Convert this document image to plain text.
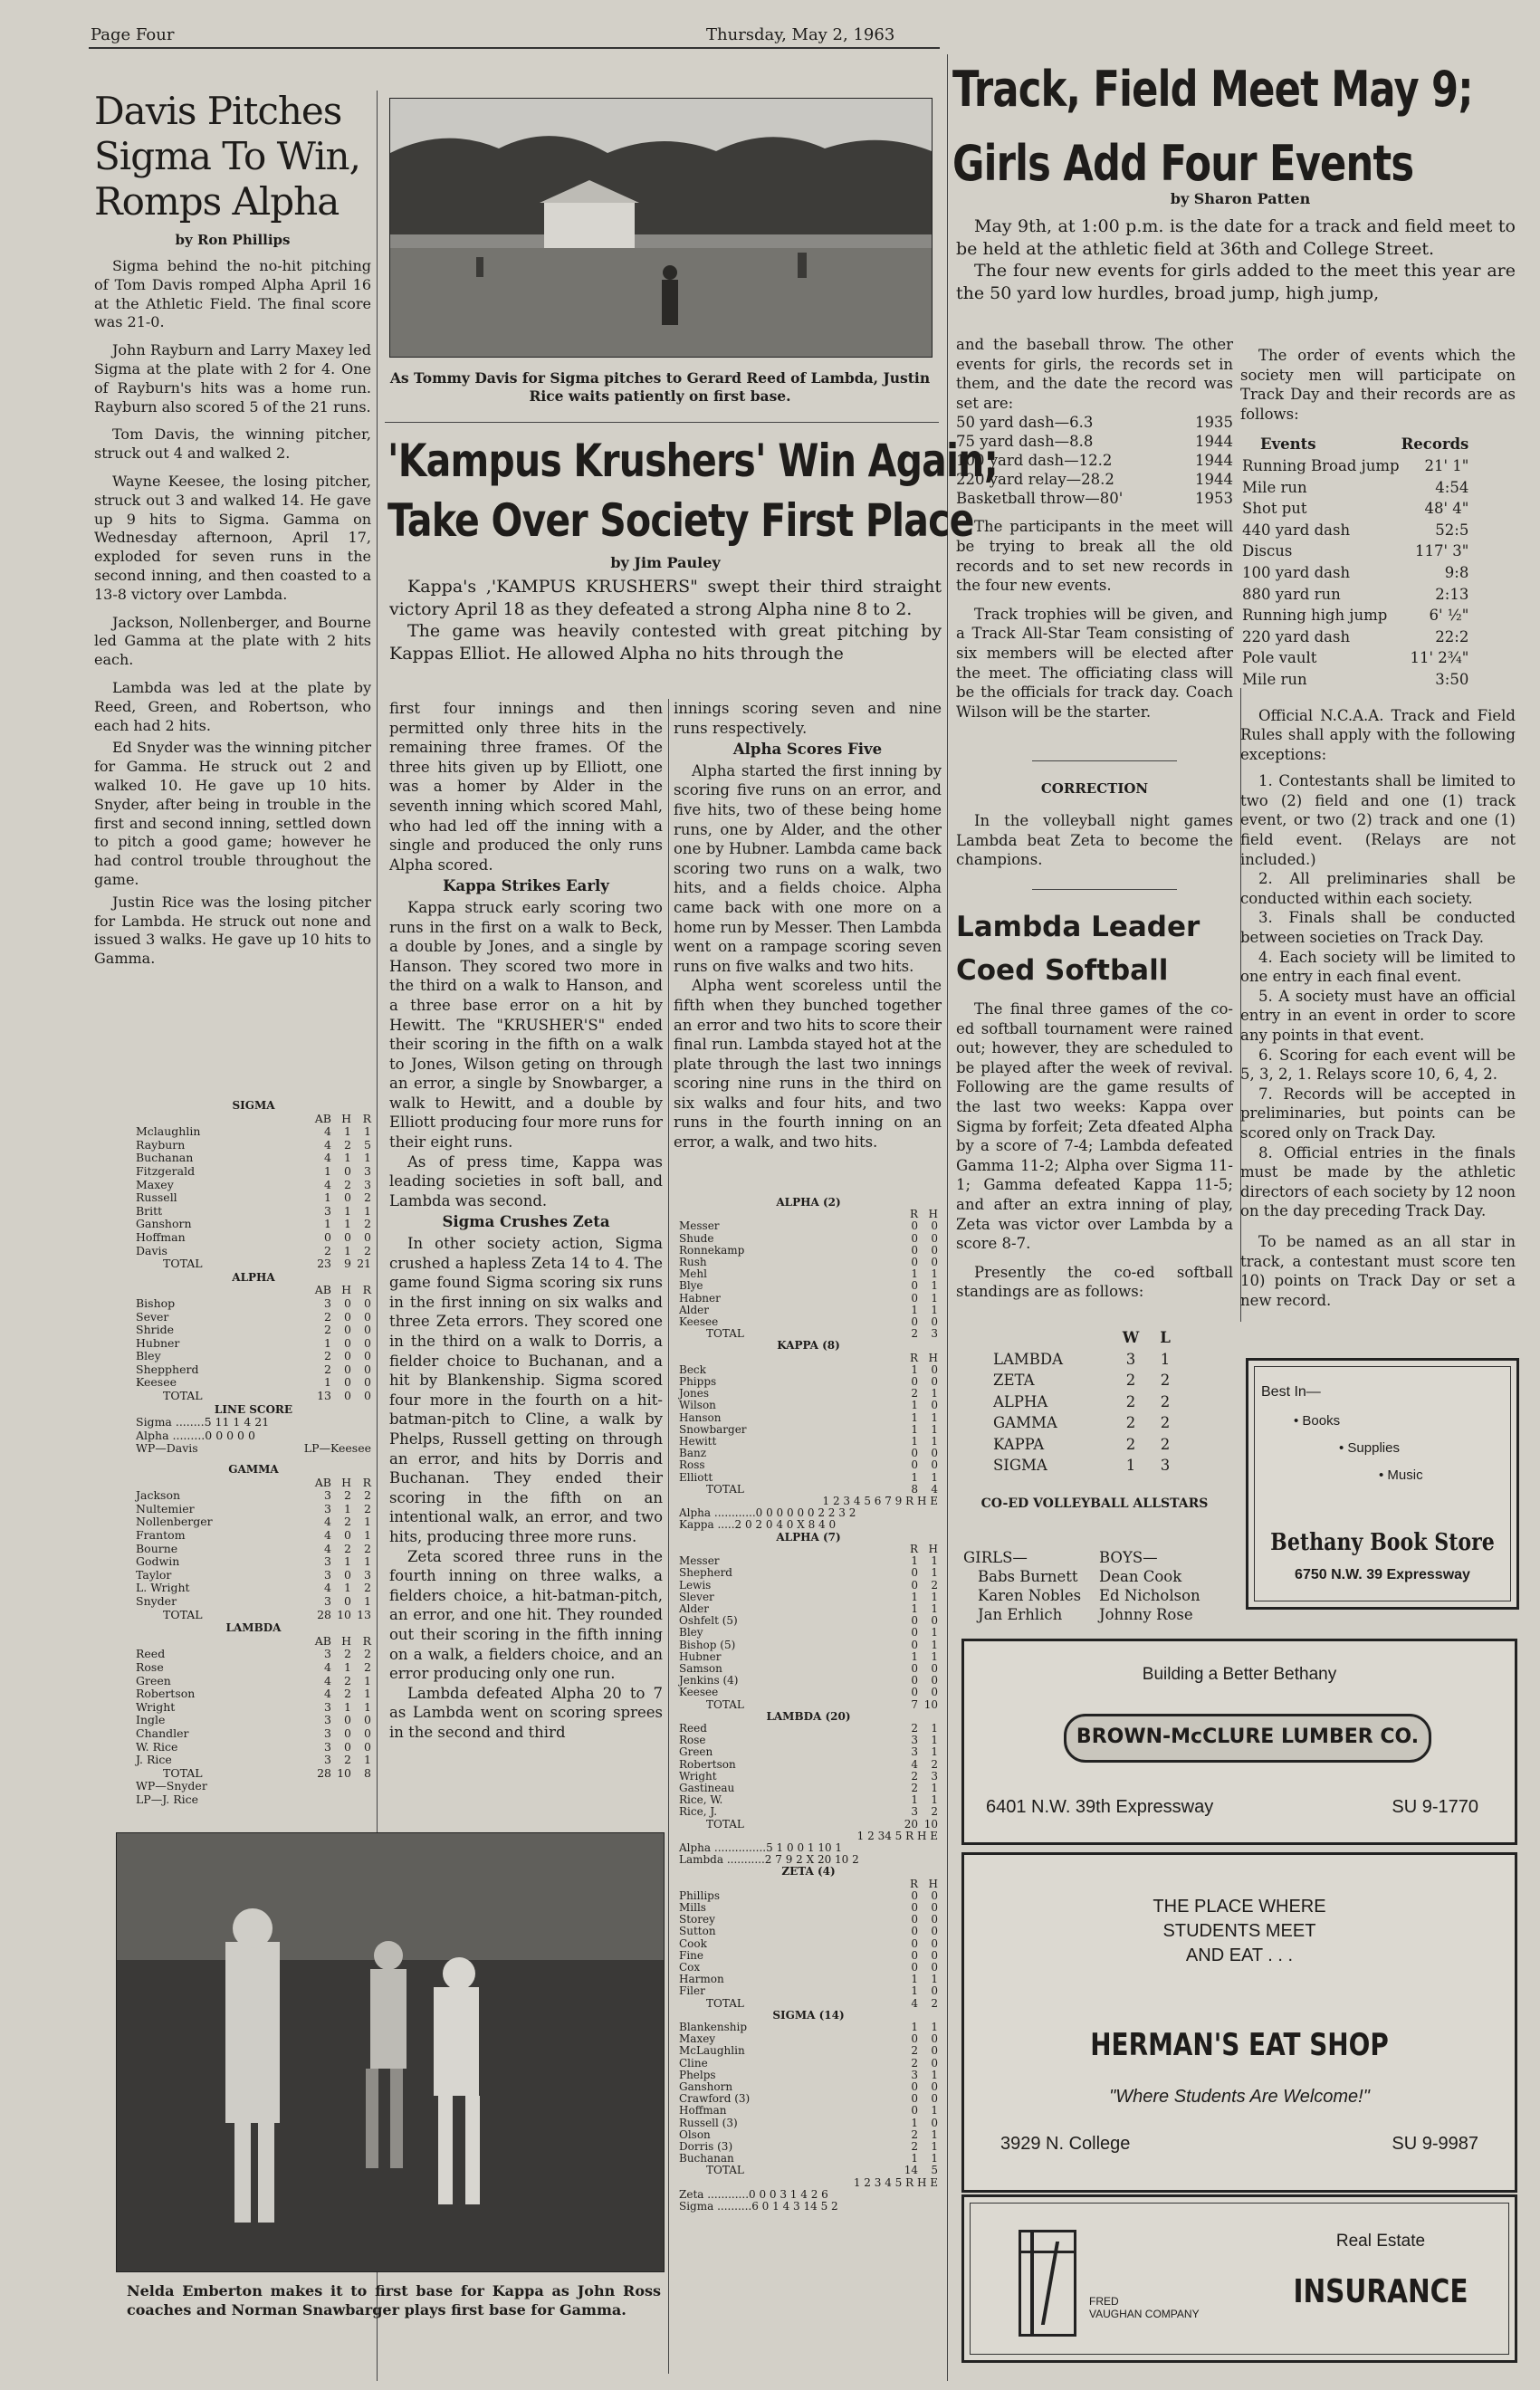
Page Four	Thursday, May 2, 1963
Davis Pitches
Sigma To Win,
Romps Alpha
by Ron Phillips

Sigma behind the no-hit pitching of Tom Davis romped Alpha April 16 at the Athletic Field. The final score was 21-0.

John Rayburn and Larry Maxey led Sigma at the plate with 2 for 4. One of Rayburn's hits was a home run. Rayburn also scored 5 of the 21 runs.

Tom Davis, the winning pitcher, struck out 4 and walked 2.

Wayne Keesee, the losing pitcher, struck out 3 and walked 14. He gave up 9 hits to Sigma. Gamma on Wednesday afternoon, April 17, exploded for seven runs in the second inning, and then coasted to a 13-8 victory over Lambda.

Jackson, Nollenberger, and Bourne led Gamma at the plate with 2 hits each.

Lambda was led at the plate by Reed, Green, and Robertson, who each had 2 hits.

Ed Snyder was the winning pitcher for Gamma. He struck out 2 and walked 10. He gave up 10 hits. Snyder, after being in trouble in the first and second inning, settled down to pitch a good game; however he had control trouble throughout the game.

Justin Rice was the losing pitcher for Lambda. He struck out none and issued 3 walks. He gave up 10 hits to Gamma.

SIGMA
	AB	H	R
Mclaughlin	4	1	1
Rayburn	4	2	5
Buchanan	4	1	1
Fitzgerald	1	0	3
Maxey	4	2	3
Russell	1	0	2
Britt	3	1	1
Ganshorn	1	1	2
Hoffman	0	0	0
Davis	2	1	2
TOTAL	23	9	21
ALPHA
	AB	H	R
Bishop	3	0	0
Sever	2	0	0
Shride	2	0	0
Hubner	1	0	0
Bley	2	0	0
Sheppherd	2	0	0
Keesee	1	0	0
TOTAL	13	0	0
LINE SCORE
Sigma ........5 11 1 4 21
Alpha .........0 0 0 0 0
WP—Davis	LP—Keesee
GAMMA
	AB	H	R
Jackson	3	2	2
Nultemier	3	1	2
Nollenberger	4	2	1
Frantom	4	0	1
Bourne	4	2	2
Godwin	3	1	1
Taylor	3	0	3
L. Wright	4	1	2
Snyder	3	0	1
TOTAL	28	10	13
LAMBDA
	AB	H	R
Reed	3	2	2
Rose	4	1	2
Green	4	2	1
Robertson	4	2	1
Wright	3	1	1
Ingle	3	0	0
Chandler	3	0	0
W. Rice	3	0	0
J. Rice	3	2	1
TOTAL	28	10	8
WP—Snyder
LP—J. Rice
As Tommy Davis for Sigma pitches to Gerard Reed of Lambda, Justin Rice waits patiently on first base.
'Kampus Krushers' Win Again;
Take Over Society First Place
by Jim Pauley

Kappa's ,'KAMPUS KRUSHERS" swept their third straight victory April 18 as they defeated a strong Alpha nine 8 to 2.

The game was heavily contested with great pitching by Kappas Elliot. He allowed Alpha no hits through the

first four innings and then permitted only three hits in the remaining three frames. Of the three hits given up by Elliott, one was a homer by Alder in the seventh inning which scored Mahl, who had led off the inning with a single and produced the only runs Alpha scored.

Kappa Strikes Early

Kappa struck early scoring two runs in the first on a walk to Beck, a double by Jones, and a single by Hanson. They scored two more in the third on a walk to Hanson, and a three base error on a hit by Hewitt. The "KRUSHER'S" ended their scoring in the fifth on a walk to Jones, Wilson geting on through an error, a single by Snowbarger, a walk to Hewitt, and a double by Elliott producing four more runs for their eight runs.

As of press time, Kappa was leading societies in soft ball, and Lambda was second.

Sigma Crushes Zeta

In other society action, Sigma crushed a hapless Zeta 14 to 4. The game found Sigma scoring six runs in the first inning on six walks and three Zeta errors. They scored one in the third on a walk to Dorris, a fielder choice to Buchanan, and a hit by Blankenship. Sigma scored four more in the fourth on a hit-batman-pitch to Cline, a walk by Phelps, Russell getting on through an error, and hits by Dorris and Buchanan. They ended their scoring in the fifth on an intentional walk, an error, and two hits, producing three more runs.

Zeta scored three runs in the fourth inning on three walks, a fielders choice, a hit-batman-pitch, an error, and one hit. They rounded out their scoring in the fifth inning on a walk, a fielders choice, and an error producing only one run.

Lambda defeated Alpha 20 to 7 as Lambda went on scoring sprees in the second and third

innings scoring seven and nine runs respectively.

Alpha Scores Five

Alpha started the first inning by scoring five runs on an error, and five hits, two of these being home runs, one by Alder, and the other one by Hubner. Lambda came back scoring two runs on a walk, two hits, and a fields choice. Alpha came back with one more on a home run by Messer. Then Lambda went on a rampage scoring seven runs on five walks and two hits.

Alpha went scoreless until the fifth when they bunched together an error and two hits to score their final run. Lambda stayed hot at the plate through the last two innings scoring nine runs in the third on six walks and four hits, and two runs in the fourth inning on an error, a walk, and two hits.

ALPHA (2)
	R	H
Messer	0	0
Shude	0	0
Ronnekamp	0	0
Rush	0	0
Mehl	1	1
Blye	0	1
Habner	0	1
Alder	1	1
Keesee	0	0
TOTAL	2	3
KAPPA (8)
	R	H
Beck	1	0
Phipps	0	0
Jones	2	1
Wilson	1	0
Hanson	1	1
Snowbarger	1	1
Hewitt	1	1
Banz	0	0
Ross	0	0
Elliott	1	1
TOTAL	8	4
1 2 3 4 5 6 7 9 R H E
Alpha ............0 0 0 0 0 0 2 2 3 2
Kappa .....2 0 2 0 4 0 X 8 4 0
ALPHA (7)
	R	H
Messer	1	1
Shepherd	0	1
Lewis	0	2
Slever	1	1
Alder	1	1
Oshfelt (5)	0	0
Bley	0	1
Bishop (5)	0	1
Hubner	1	1
Samson	0	0
Jenkins (4)	0	0
Keesee	0	0
TOTAL	7	10
LAMBDA (20)
Reed	2	1
Rose	3	1
Green	3	1
Robertson	4	2
Wright	2	3
Gastineau	2	1
Rice, W.	1	1
Rice, J.	3	2
TOTAL	20	10
1 2 34 5 R H E
Alpha ...............5 1 0 0 1 10 1
Lambda ...........2 7 9 2 X 20 10 2
ZETA (4)
	R	H
Phillips	0	0
Mills	0	0
Storey	0	0
Sutton	0	0
Cook	0	0
Fine	0	0
Cox	0	0
Harmon	1	1
Filer	1	0
TOTAL	4	2
SIGMA (14)
Blankenship	1	1
Maxey	0	0
McLaughlin	2	0
Cline	2	0
Phelps	3	1
Ganshorn	0	0
Crawford (3)	0	0
Hoffman	0	1
Russell (3)	1	0
Olson	2	1
Dorris (3)	2	1
Buchanan	1	1
TOTAL	14	5
1 2 3 4 5 R H E
Zeta ............0 0 0 3 1 4 2 6
Sigma ..........6 0 1 4 3 14 5 2
Nelda Emberton makes it to first base for Kappa as John Ross coaches and Norman Snawbarger plays first base for Gamma.
Track, Field Meet May 9;
Girls Add Four Events
by Sharon Patten

May 9th, at 1:00 p.m. is the date for a track and field meet to be held at the athletic field at 36th and College Street.

The four new events for girls added to the meet this year are the 50 yard low hurdles, broad jump, high jump,

and the baseball throw. The other events for girls, the records set in them, and the date the record was set are:

50 yard dash—6.3	1935
75 yard dash—8.8	1944
100 yard dash—12.2	1944
220 yard relay—28.2	1944
Basketball throw—80'	1953

The participants in the meet will be trying to break all the old records and to set new records in the four new events.

Track trophies will be given, and a Track All-Star Team consisting of six members will be elected after the meet. The officiating class will be the officials for track day. Coach Wilson will be the starter.

The order of events which the society men will participate on Track Day and their records are as follows:

Events	Records
Running Broad jump	21' 1"
Mile run	4:54
Shot put	48' 4"
440 yard dash	52:5
Discus	117' 3"
100 yard dash	9:8
880 yard run	2:13
Running high jump	6' ½"
220 yard dash	22:2
Pole vault	11' 2¾"
Mile run	3:50

Official N.C.A.A. Track and Field Rules shall apply with the following exceptions:

1. Contestants shall be limited to two (2) field and one (1) track event, or two (2) track and one (1) field event. (Relays are not included.)

2. All preliminaries shall be conducted within each society.

3. Finals shall be conducted between societies on Track Day.

4. Each society will be limited to one entry in each final event.

5. A society must have an official entry in an event in order to score any points in that event.

6. Scoring for each event will be 5, 3, 2, 1. Relays score 10, 6, 4, 2.

7. Records will be accepted in preliminaries, but points can be scored only on Track Day.

8. Official entries in the finals must be made by the athletic directors of each society by 12 noon on the day preceding Track Day.

To be named as an all star in track, a contestant must score ten 10) points on Track Day or set a new record.

CORRECTION

In the volleyball night games Lambda beat Zeta to become the champions.

Lambda Leader
Coed Softball

The final three games of the co-ed softball tournament were rained out; however, they are scheduled to be played after the week of revival. Following are the game results of the last two weeks: Kappa over Sigma by forfeit; Zeta dfeated Alpha by a score of 7-4; Lambda defeated Gamma 11-2; Alpha over Sigma 11-1; Gamma defeated Kappa 11-5; and after an extra inning of play, Zeta was victor over Lambda by a score 8-7.

Presently the co-ed softball standings are as follows:

	W	L
LAMBDA	3	1
ZETA	2	2
ALPHA	2	2
GAMMA	2	2
KAPPA	2	2
SIGMA	1	3
CO-ED VOLLEYBALL ALLSTARS
GIRLS—
Babs Burnett
Karen Nobles
Jan Erhlich
BOYS—
Dean Cook
Ed Nicholson
Johnny Rose
Best In—
• Books
• Supplies
• Music
Bethany Book Store
6750 N.W. 39 Expressway
Building a Better Bethany
BROWN-McCLURE LUMBER CO.
6401 N.W. 39th Expressway	SU 9-1770
THE PLACE WHERE
STUDENTS MEET
AND EAT . . .
HERMAN'S EAT SHOP
"Where Students Are Welcome!"
3929 N. College	SU 9-9987
FRED
VAUGHAN COMPANY
Real Estate
INSURANCE
